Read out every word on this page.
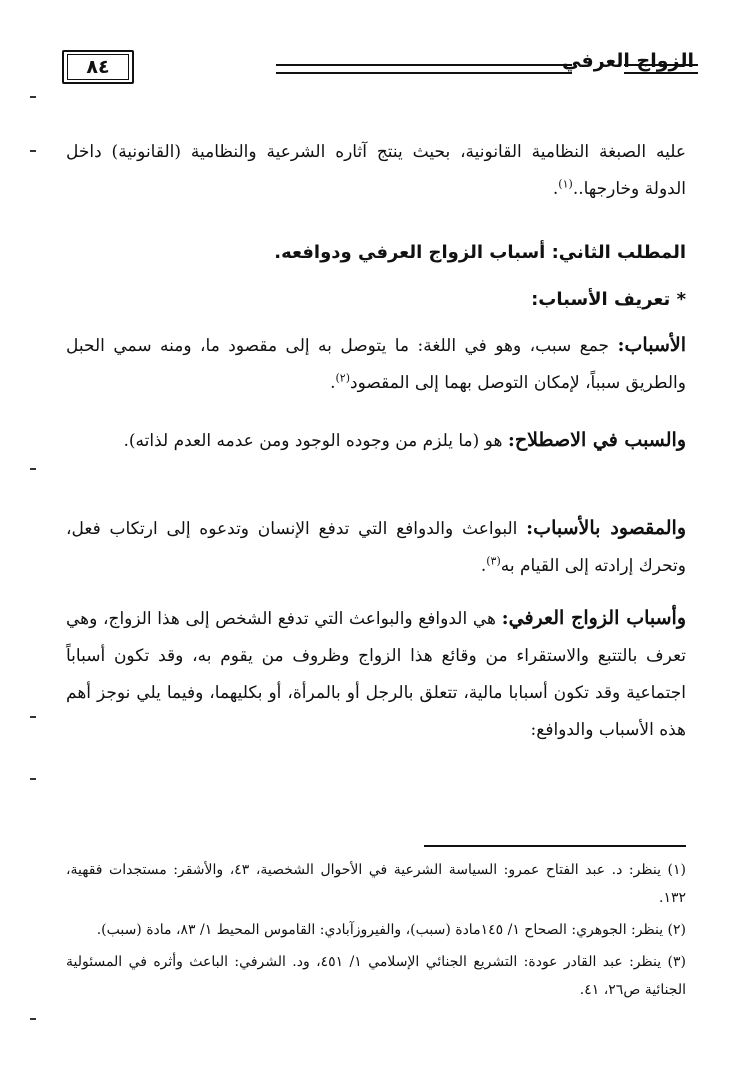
الزواج العرفي
٨٤

عليه الصبغة النظامية القانونية، بحيث ينتج آثاره الشرعية والنظامية (القانونية) داخل الدولة وخارجها..$^{(١)}$.

المطلب الثاني: أسباب الزواج العرفي ودوافعه.
* تعريف الأسباب:

الأسباب: جمع سبب، وهو في اللغة: ما يتوصل به إلى مقصود ما، ومنه سمي الحبل والطريق سبباً، لإمكان التوصل بهما إلى المقصود$^{(٢)}$.

والسبب في الاصطلاح: هو (ما يلزم من وجوده الوجود ومن عدمه العدم لذاته).

والمقصود بالأسباب: البواعث والدوافع التي تدفع الإنسان وتدعوه إلى ارتكاب فعل، وتحرك إرادته إلى القيام به$^{(٣)}$.

وأسباب الزواج العرفي: هي الدوافع والبواعث التي تدفع الشخص إلى هذا الزواج، وهي تعرف بالتتبع والاستقراء من وقائع هذا الزواج وظروف من يقوم به، وقد تكون أسباباً اجتماعية وقد تكون أسبابا مالية، تتعلق بالرجل أو بالمرأة، أو بكليهما، وفيما يلي نوجز أهم هذه الأسباب والدوافع:

(١) ينظر: د. عبد الفتاح عمرو: السياسة الشرعية في الأحوال الشخصية، ٤٣، والأشقر: مستجدات فقهية، ١٣٢.

(٢) ينظر: الجوهري: الصحاح ١/ ١٤٥مادة (سبب)، والفيروزآبادي: القاموس المحيط ١/ ٨٣، مادة (سبب).

(٣) ينظر: عبد القادر عودة: التشريع الجنائي الإسلامي ١/ ٤٥١، ود. الشرفي: الباعث وأثره في المسئولية الجنائية ص٢٦، ٤١.
